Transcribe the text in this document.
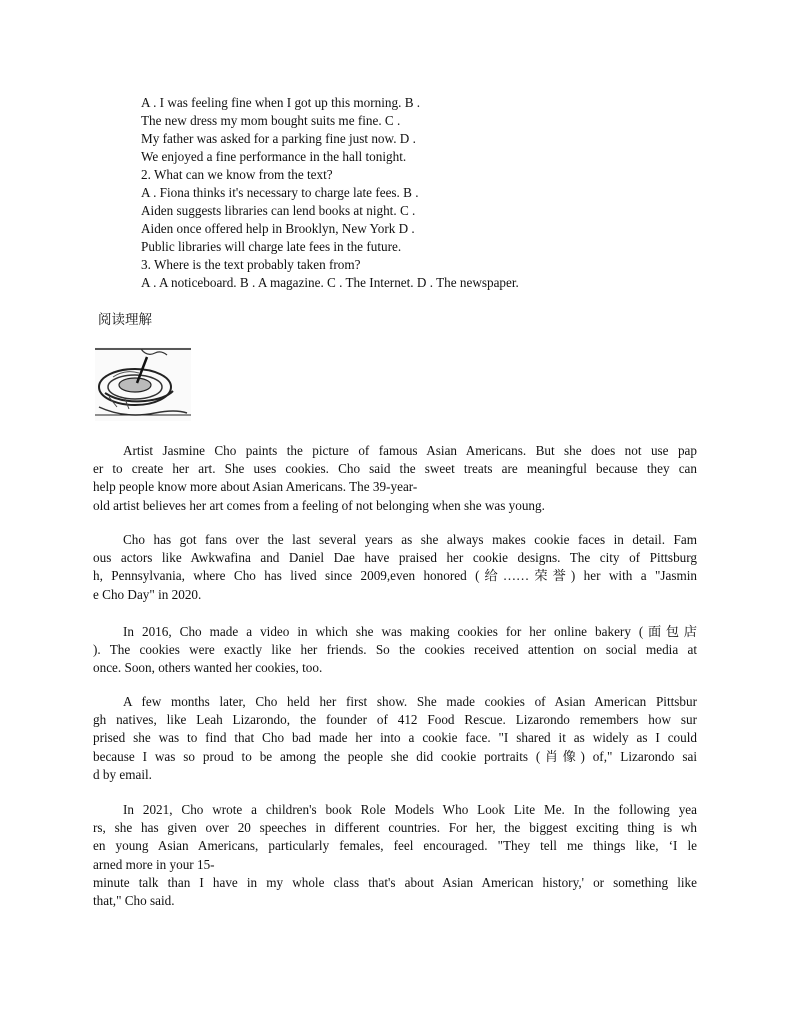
A . I was feeling fine when I got up this morning. B .
The new dress my mom bought suits me fine. C .
My father was asked for a parking fine just now. D .
We enjoyed a fine performance in the hall tonight.
2. What can we know from the text?
A . Fiona thinks it's necessary to charge late fees. B .
Aiden suggests libraries can lend books at night. C .
Aiden once offered help in Brooklyn, New York D .
Public libraries will charge late fees in the future.
3. Where is the text probably taken from?
A . A noticeboard. B . A magazine. C . The Internet. D . The newspaper.
阅读理解
Artist Jasmine Cho paints the picture of famous Asian Americans. But she does not use pap
er to create her art. She uses cookies. Cho said the sweet treats are meaningful because they can
help people know more about Asian Americans. The 39-year-
old artist believes her art comes from a feeling of not belonging when she was young.
Cho has got fans over the last several years as she always makes cookie faces in detail. Fam
ous actors like Awkwafina and Daniel Dae have praised her cookie designs. The city of Pittsburg
h, Pennsylvania, where Cho has lived since 2009,even honored (给……荣誉) her with a "Jasmin
e Cho Day" in 2020.
In 2016, Cho made a video in which she was making cookies for her online bakery (面包店
). The cookies were exactly like her friends. So the cookies received attention on social media at
once. Soon, others wanted her cookies, too.
A few months later, Cho held her first show. She made cookies of Asian American Pittsbur
gh natives, like Leah Lizarondo, the founder of 412 Food Rescue. Lizarondo remembers how sur
prised she was to find that Cho bad made her into a cookie face. "I shared it as widely as I could
because I was so proud to be among the people she did cookie portraits (肖像) of," Lizarondo sai
d by email.
In 2021, Cho wrote a children's book Role Models Who Look Lite Me. In the following yea
rs, she has given over 20 speeches in different countries. For her, the biggest exciting thing is wh
en young Asian Americans, particularly females, feel encouraged. "They tell me things like, ‘I le
arned more in your 15-
minute talk than I have in my whole class that's about Asian American history,' or something like
that," Cho said.
